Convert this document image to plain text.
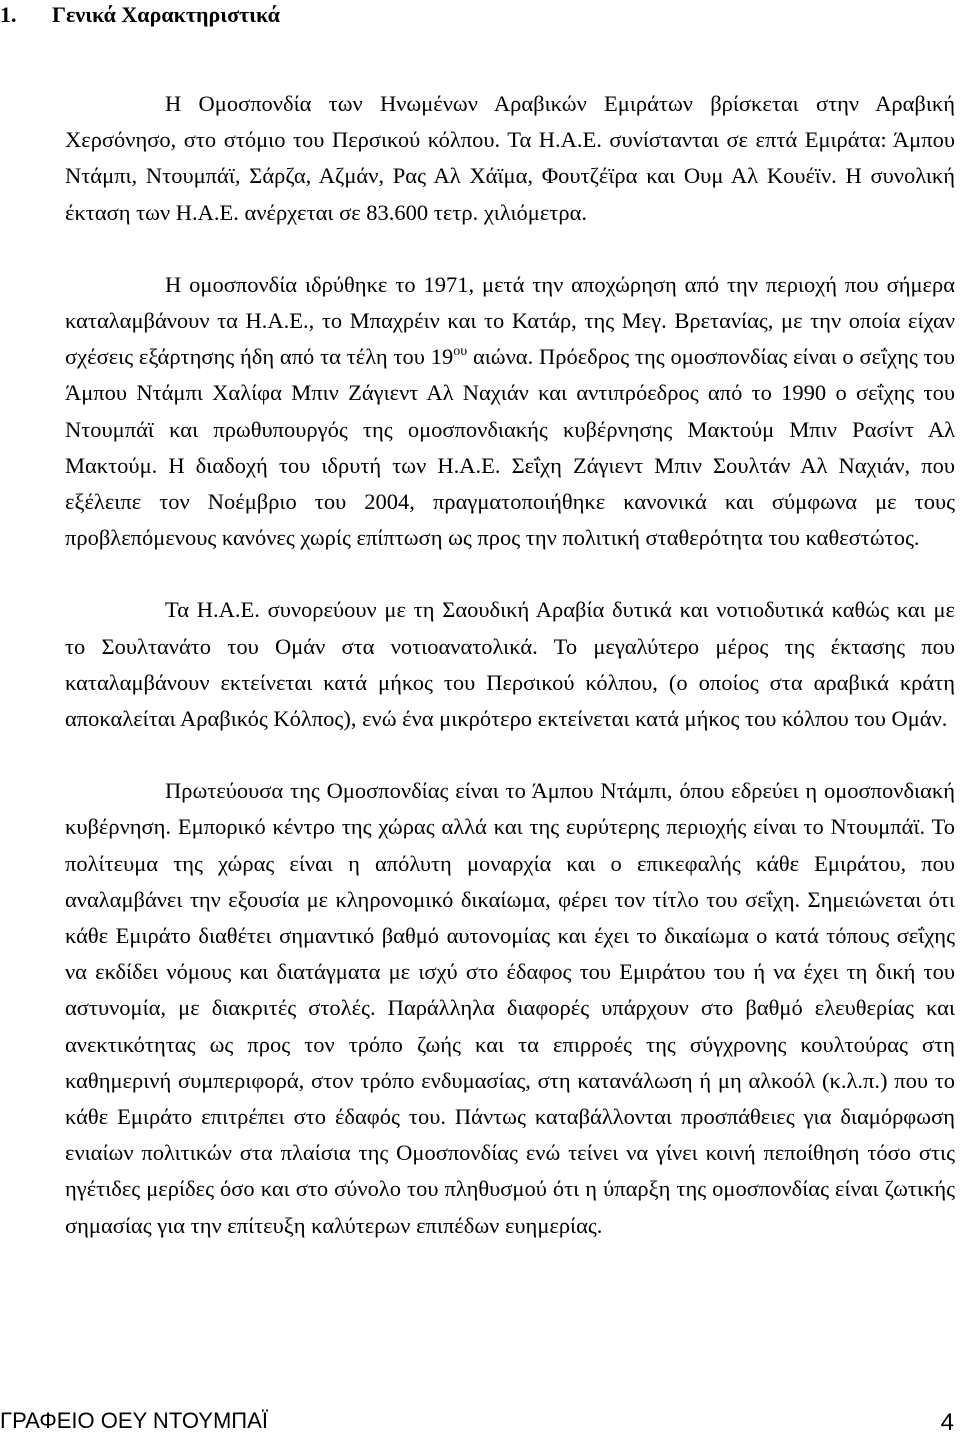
1. Γενικά Χαρακτηριστικά

Η Ομοσπονδία των Ηνωμένων Αραβικών Εμιράτων βρίσκεται στην Αραβική Χερσόνησο, στο στόμιο του Περσικού κόλπου. Τα Η.Α.Ε. συνίστανται σε επτά Εμιράτα: Άμπου Ντάμπι, Ντουμπάϊ, Σάρζα, Αζμάν, Ρας Αλ Χάϊμα, Φουτζέϊρα και Ουμ Αλ Κουέϊν. Η συνολική έκταση των Η.Α.Ε. ανέρχεται σε 83.600 τετρ. χιλιόμετρα.

Η ομοσπονδία ιδρύθηκε το 1971, μετά την αποχώρηση από την περιοχή που σήμερα καταλαμβάνουν τα Η.Α.Ε., το Μπαχρέιν και το Κατάρ, της Μεγ. Βρετανίας, με την οποία είχαν σχέσεις εξάρτησης ήδη από τα τέλη του $19^{o\upsilon}$ αιώνα. Πρόεδρος της ομοσπονδίας είναι ο σεΐχης του Άμπου Ντάμπι Χαλίφα Μπιν Ζάγιεντ Αλ Ναχιάν και αντιπρόεδρος από το 1990 ο σεΐχης του Ντουμπάϊ και πρωθυπουργός της ομοσπονδιακής κυβέρνησης Μακτούμ Μπιν Ρασίντ Αλ Μακτούμ. Η διαδοχή του ιδρυτή των Η.Α.Ε. Σεΐχη Ζάγιεντ Μπιν Σουλτάν Αλ Ναχιάν, που εξέλειπε τον Νοέμβριο του 2004, πραγματοποιήθηκε κανονικά και σύμφωνα με τους προβλεπόμενους κανόνες χωρίς επίπτωση ως προς την πολιτική σταθερότητα του καθεστώτος.

Τα Η.Α.Ε. συνορεύουν με τη Σαουδική Αραβία δυτικά και νοτιοδυτικά καθώς και με το Σουλτανάτο του Ομάν στα νοτιοανατολικά. Το μεγαλύτερο μέρος της έκτασης που καταλαμβάνουν εκτείνεται κατά μήκος του Περσικού κόλπου, (ο οποίος στα αραβικά κράτη αποκαλείται Αραβικός Κόλπος), ενώ ένα μικρότερο εκτείνεται κατά μήκος του κόλπου του Ομάν.

Πρωτεύουσα της Ομοσπονδίας είναι το Άμπου Ντάμπι, όπου εδρεύει η ομοσπονδιακή κυβέρνηση. Εμπορικό κέντρο της χώρας αλλά και της ευρύτερης περιοχής είναι το Ντουμπάϊ. Το πολίτευμα της χώρας είναι η απόλυτη μοναρχία και ο επικεφαλής κάθε Εμιράτου, που αναλαμβάνει την εξουσία με κληρονομικό δικαίωμα, φέρει τον τίτλο του σεΐχη. Σημειώνεται ότι κάθε Εμιράτο διαθέτει σημαντικό βαθμό αυτονομίας και έχει το δικαίωμα ο κατά τόπους σεΐχης να εκδίδει νόμους και διατάγματα με ισχύ στο έδαφος του Εμιράτου του ή να έχει τη δική του αστυνομία, με διακριτές στολές. Παράλληλα διαφορές υπάρχουν στο βαθμό ελευθερίας και ανεκτικότητας ως προς τον τρόπο ζωής και τα επιρροές της σύγχρονης κουλτούρας στη καθημερινή συμπεριφορά, στον τρόπο ενδυμασίας, στη κατανάλωση ή μη αλκοόλ (κ.λ.π.) που το κάθε Εμιράτο επιτρέπει στο έδαφός του. Πάντως καταβάλλονται προσπάθειες για διαμόρφωση ενιαίων πολιτικών στα πλαίσια της Ομοσπονδίας ενώ τείνει να γίνει κοινή πεποίθηση τόσο στις ηγέτιδες μερίδες όσο και στο σύνολο του πληθυσμού ότι η ύπαρξη της ομοσπονδίας είναι ζωτικής σημασίας για την επίτευξη καλύτερων επιπέδων ευημερίας.

ΓΡΑΦΕΙΟ ΟΕΥ ΝΤΟΥΜΠΑΪ	4
